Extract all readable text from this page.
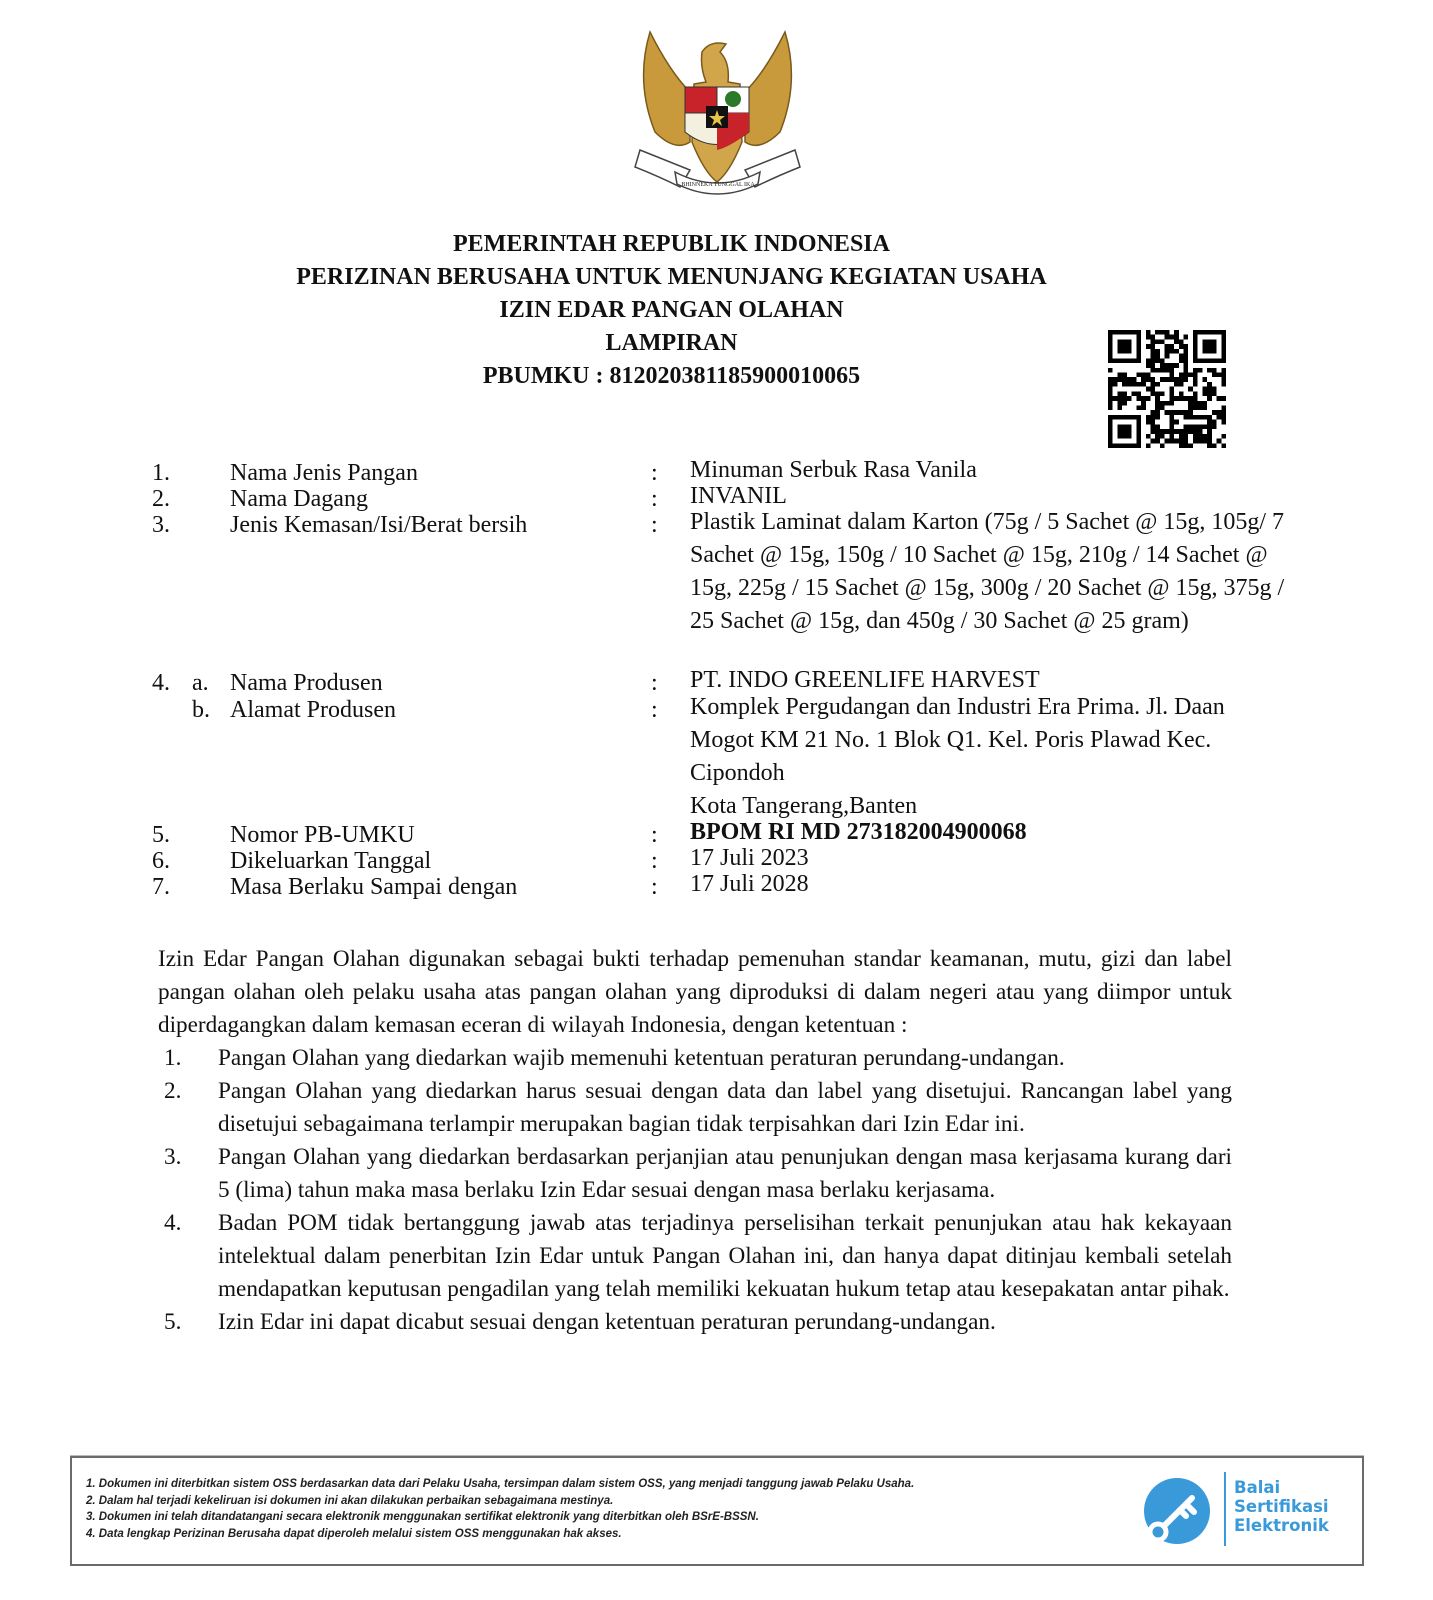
BHINNEKA TUNGGAL IKA
PEMERINTAH REPUBLIK INDONESIA
PERIZINAN BERUSAHA UNTUK MENUNJANG KEGIATAN USAHA
IZIN EDAR PANGAN OLAHAN
LAMPIRAN
PBUMKU : 812020381185900010065
1.	Nama Jenis Pangan	: Minuman Serbuk Rasa Vanila
2.	Nama Dagang	: INVANIL
3.	Jenis Kemasan/Isi/Berat bersih	: Plastik Laminat dalam Karton (75g / 5 Sachet @ 15g, 105g/ 7 Sachet @ 15g, 150g / 10 Sachet @ 15g, 210g / 14 Sachet @ 15g, 225g / 15 Sachet @ 15g, 300g / 20 Sachet @ 15g, 375g / 25 Sachet @ 15g, dan 450g / 30 Sachet @ 25 gram)
4. a. Nama Produsen	: PT. INDO GREENLIFE HARVEST
b. Alamat Produsen	: Komplek Pergudangan dan Industri Era Prima. Jl. Daan Mogot KM 21 No. 1 Blok Q1. Kel. Poris Plawad Kec. Cipondoh
Kota Tangerang,Banten
5.	Nomor PB-UMKU	: BPOM RI MD 273182004900068
6.	Dikeluarkan Tanggal	: 17 Juli 2023
7.	Masa Berlaku Sampai dengan	: 17 Juli 2028
Izin Edar Pangan Olahan digunakan sebagai bukti terhadap pemenuhan standar keamanan, mutu, gizi dan label pangan olahan oleh pelaku usaha atas pangan olahan yang diproduksi di dalam negeri atau yang diimpor untuk diperdagangkan dalam kemasan eceran di wilayah Indonesia, dengan ketentuan :
1. Pangan Olahan yang diedarkan wajib memenuhi ketentuan peraturan perundang-undangan.
2. Pangan Olahan yang diedarkan harus sesuai dengan data dan label yang disetujui. Rancangan label yang disetujui sebagaimana terlampir merupakan bagian tidak terpisahkan dari Izin Edar ini.
3. Pangan Olahan yang diedarkan berdasarkan perjanjian atau penunjukan dengan masa kerjasama kurang dari 5 (lima) tahun maka masa berlaku Izin Edar sesuai dengan masa berlaku kerjasama.
4. Badan POM tidak bertanggung jawab atas terjadinya perselisihan terkait penunjukan atau hak kekayaan intelektual dalam penerbitan Izin Edar untuk Pangan Olahan ini, dan hanya dapat ditinjau kembali setelah mendapatkan keputusan pengadilan yang telah memiliki kekuatan hukum tetap atau kesepakatan antar pihak.
5. Izin Edar ini dapat dicabut sesuai dengan ketentuan peraturan perundang-undangan.
1. Dokumen ini diterbitkan sistem OSS berdasarkan data dari Pelaku Usaha, tersimpan dalam sistem OSS, yang menjadi tanggung jawab Pelaku Usaha.
2. Dalam hal terjadi kekeliruan isi dokumen ini akan dilakukan perbaikan sebagaimana mestinya.
3. Dokumen ini telah ditandatangani secara elektronik menggunakan sertifikat elektronik yang diterbitkan oleh BSrE-BSSN.
4. Data lengkap Perizinan Berusaha dapat diperoleh melalui sistem OSS menggunakan hak akses.
Balai
Sertifikasi
Elektronik
